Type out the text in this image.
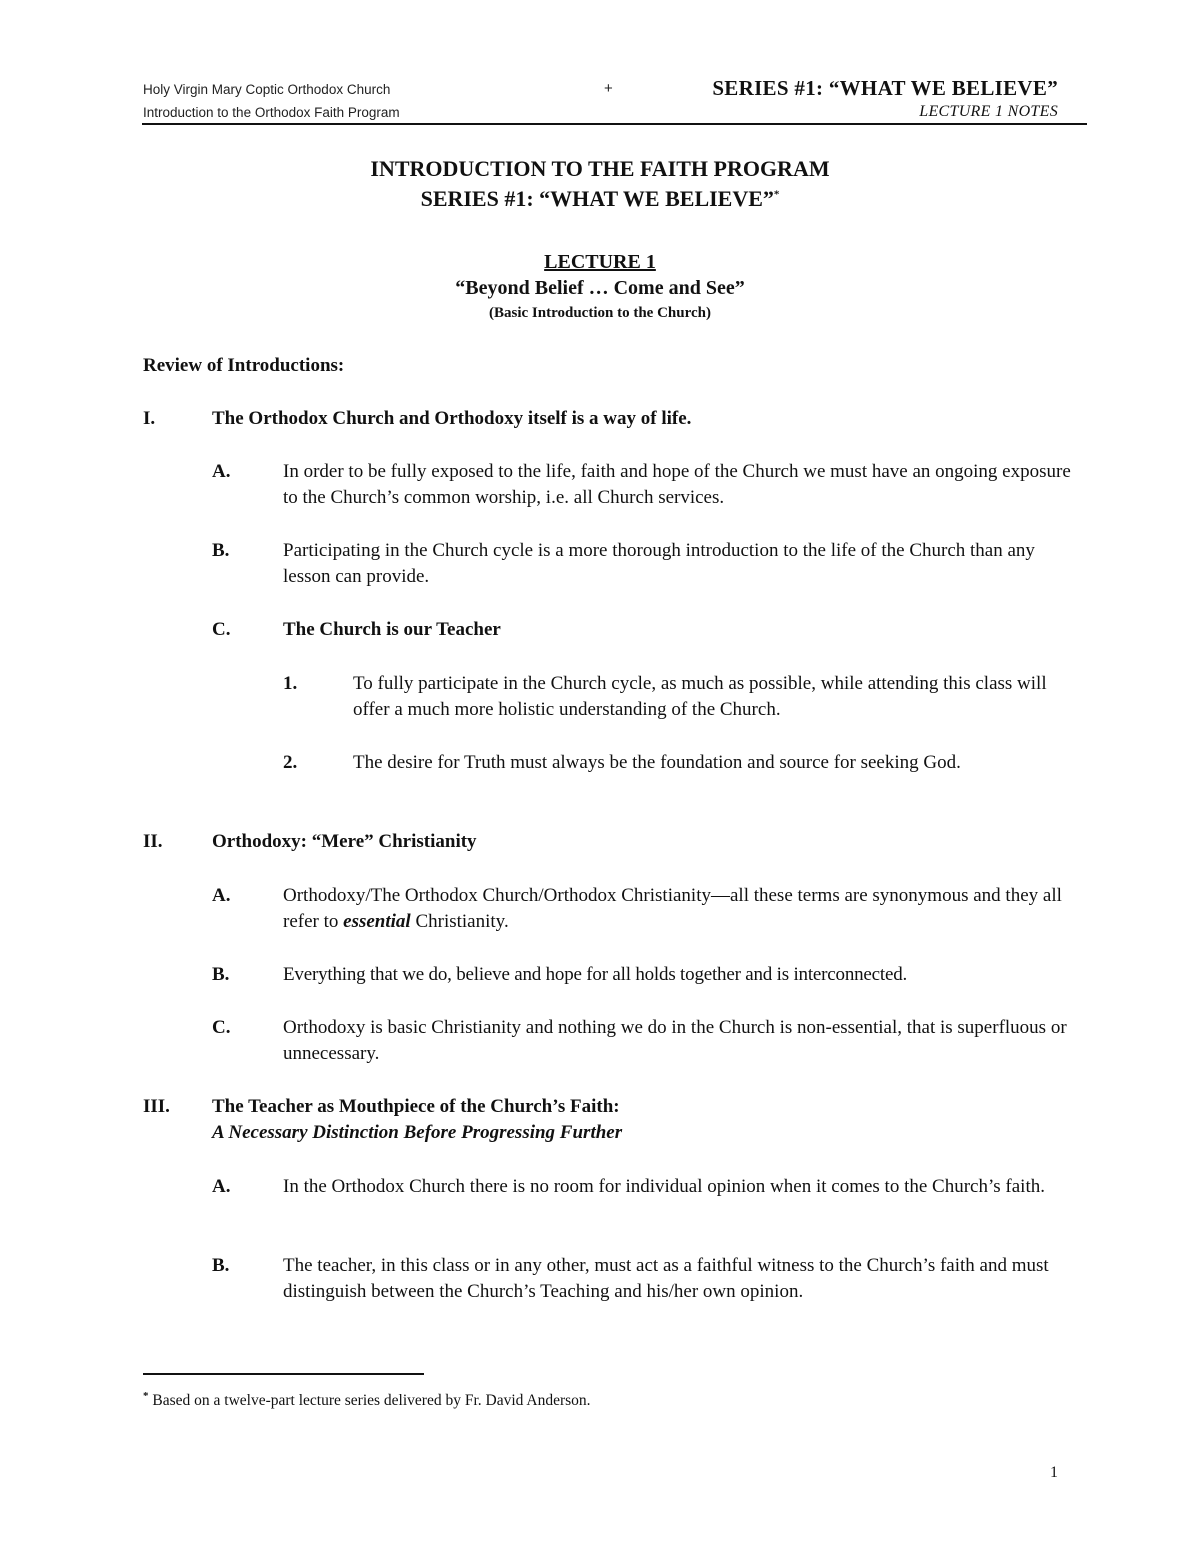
Holy Virgin Mary Coptic Orthodox Church
Introduction to the Orthodox Faith Program
+	SERIES #1: “WHAT WE BELIEVE”
LECTURE 1 NOTES
INTRODUCTION TO THE FAITH PROGRAM
SERIES #1: “WHAT WE BELIEVE”*
LECTURE 1
“Beyond Belief … Come and See”
(Basic Introduction to the Church)
Review of Introductions:
I.	The Orthodox Church and Orthodoxy itself is a way of life.
A.	In order to be fully exposed to the life, faith and hope of the Church we must have an ongoing exposure to the Church’s common worship, i.e. all Church services.
B.	Participating in the Church cycle is a more thorough introduction to the life of the Church than any lesson can provide.
C.	The Church is our Teacher
1.	To fully participate in the Church cycle, as much as possible, while attending this class will offer a much more holistic understanding of the Church.
2.	The desire for Truth must always be the foundation and source for seeking God.
II.	Orthodoxy: “Mere” Christianity
A.	Orthodoxy/The Orthodox Church/Orthodox Christianity—all these terms are synonymous and they all refer to essential Christianity.
B.	Everything that we do, believe and hope for all holds together and is interconnected.
C.	Orthodoxy is basic Christianity and nothing we do in the Church is non-essential, that is superfluous or unnecessary.
III. The Teacher as Mouthpiece of the Church’s Faith:
A Necessary Distinction Before Progressing Further
A.	In the Orthodox Church there is no room for individual opinion when it comes to the Church’s faith.
B.	The teacher, in this class or in any other, must act as a faithful witness to the Church’s faith and must distinguish between the Church’s Teaching and his/her own opinion.
* Based on a twelve-part lecture series delivered by Fr. David Anderson.
1
